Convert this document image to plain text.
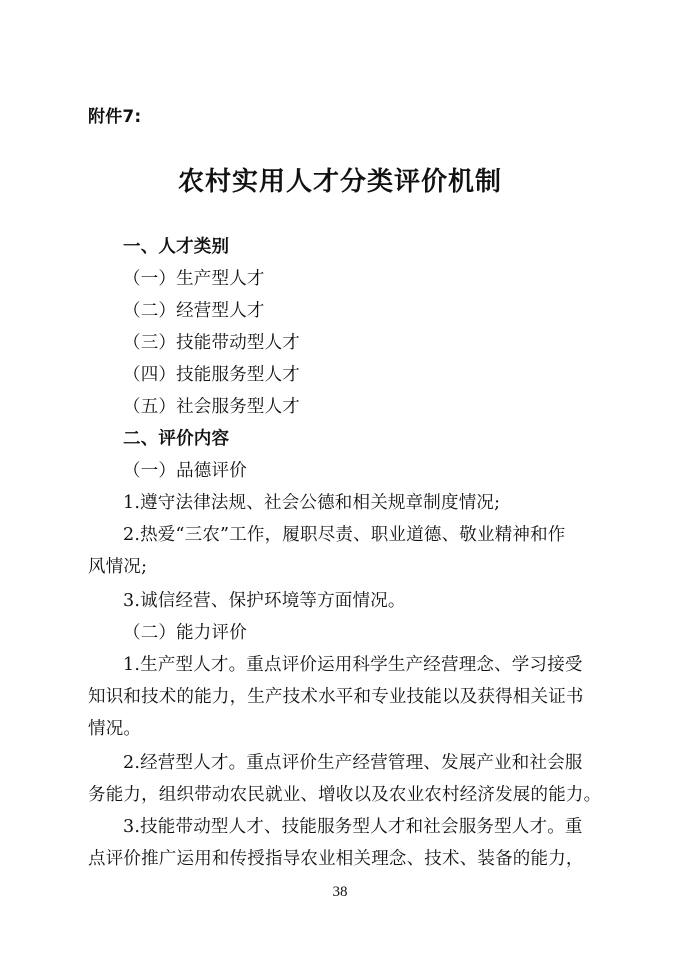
附件7:
农村实用人才分类评价机制
一、人才类别
（一）生产型人才
（二）经营型人才
（三）技能带动型人才
（四）技能服务型人才
（五）社会服务型人才
二、评价内容
（一）品德评价
1.遵守法律法规、社会公德和相关规章制度情况;
2.热爱“三农”工作，履职尽责、职业道德、敬业精神和作
风情况;
3.诚信经营、保护环境等方面情况。
（二）能力评价
1.生产型人才。重点评价运用科学生产经营理念、学习接受
知识和技术的能力，生产技术水平和专业技能以及获得相关证书
情况。
2.经营型人才。重点评价生产经营管理、发展产业和社会服
务能力，组织带动农民就业、增收以及农业农村经济发展的能力。
3.技能带动型人才、技能服务型人才和社会服务型人才。重
点评价推广运用和传授指导农业相关理念、技术、装备的能力，
38
